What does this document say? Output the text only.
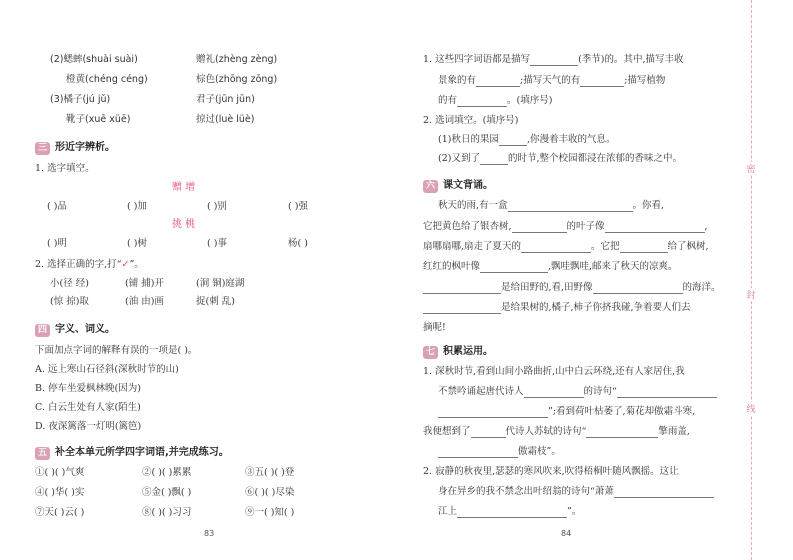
(2)蟋蟀(shuài suài)	赠礼(zhèng zèng)
橙黄(chéng céng)	棕色(zhōng zōng)
(3)橘子(jú jǔ)	君子(jūn jūn)
靴子(xuē xüē)	掠过(luè lüè)
三 形近字辨析。
1. 选字填空。
赠 增
( )品	( )加	( )别	( )强
挑 桃
( )明	( )树	( )事	杨( )
2. 选择正确的字,打“✓”。
小(径 经)	(铺 捕)开	(洞 铜)庭湖
(惊 掠)取	(油 由)画	捉(刺 乱)
四 字义、词义。
下面加点字词的解释有误的一项是( )。
A. 远上寒山石径斜(深秋时节的山)
B. 停车坐爱枫林晚(因为)
C. 白云生处有人家(陌生)
D. 夜深篱落一灯明(篱笆)
五 补全本单元所学四字词语,并完成练习。
①( )( )气爽	②( )( )累累	③五( )( )登
④( )华( )实	⑤金( )飘( )	⑥( )( )尽染
⑦天( )云( )	⑧( )( )习习	⑨一( )知( )
83
1. 这些四字词语都是描写	(季节)的。其中,描写丰收
景象的有	;描写天气的有	;描写植物
的有	。(填序号)
2. 选词填空。(填序号)
(1)秋日的果园	,你漫着丰收的气息。
(2)又到了	的时节,整个校园都浸在浓郁的香味之中。
六 课文背诵。
秋天的雨,有一盒	。你看,
它把黄色给了银杏树,	的叶子像	,
扇哪扇哪,扇走了夏天的	。它把	给了枫树,
红红的枫叶像	,飘哇飘哇,邮来了秋天的凉爽。
是给田野的,看,田野像	的海洋。
是给果树的,橘子,柿子你挤我碰,争着要人们去
摘呢!
七 积累运用。
1. 深秋时节,看到山间小路曲折,山中白云环绕,还有人家居住,我
不禁吟诵起唐代诗人	的诗句“
”;看到荷叶枯萎了,菊花却傲霜斗寒,
我便想到了	代诗人苏轼的诗句“	擎雨盖,
傲霜枝”。
2. 寂静的秋夜里,瑟瑟的寒风吹来,吹得梧桐叶随风飘摇。这让
身在异乡的我不禁念出叶绍翁的诗句“萧萧
江上	”。
84
密
封
线
